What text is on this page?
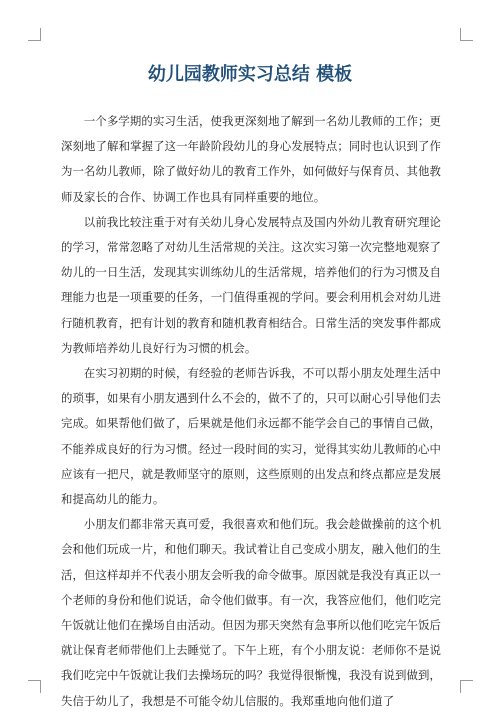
幼儿园教师实习总结 模板

一个多学期的实习生活，使我更深刻地了解到一名幼儿教师的工作；更深刻地了解和掌握了这一年龄阶段幼儿的身心发展特点；同时也认识到了作为一名幼儿教师，除了做好幼儿的教育工作外，如何做好与保育员、其他教师及家长的合作、协调工作也具有同样重要的地位。

以前我比较注重于对有关幼儿身心发展特点及国内外幼儿教育研究理论的学习，常常忽略了对幼儿生活常规的关注。这次实习第一次完整地观察了幼儿的一日生活，发现其实训练幼儿的生活常规，培养他们的行为习惯及自理能力也是一项重要的任务，一门值得重视的学问。要会利用机会对幼儿进行随机教育，把有计划的教育和随机教育相结合。日常生活的突发事件都成为教师培养幼儿良好行为习惯的机会。

在实习初期的时候，有经验的老师告诉我，不可以帮小朋友处理生活中的琐事，如果有小朋友遇到什么不会的，做不了的，只可以耐心引导他们去完成。如果帮他们做了，后果就是他们永远都不能学会自己的事情自己做，不能养成良好的行为习惯。经过一段时间的实习，觉得其实幼儿教师的心中应该有一把尺，就是教师坚守的原则，这些原则的出发点和终点都应是发展和提高幼儿的能力。

小朋友们都非常天真可爱，我很喜欢和他们玩。我会趁做操前的这个机会和他们玩成一片，和他们聊天。我试着让自己变成小朋友，融入他们的生活，但这样却并不代表小朋友会听我的命令做事。原因就是我没有真正以一个老师的身份和他们说话，命令他们做事。有一次，我答应他们，他们吃完午饭就让他们在操场自由活动。但因为那天突然有急事所以他们吃完午饭后就让保育老师带他们上去睡觉了。下午上班，有个小朋友说：老师你不是说我们吃完中午饭就让我们去操场玩的吗？我觉得很惭愧，我没有说到做到，失信于幼儿了，我想是不可能令幼儿信服的。我郑重地向他们道了
